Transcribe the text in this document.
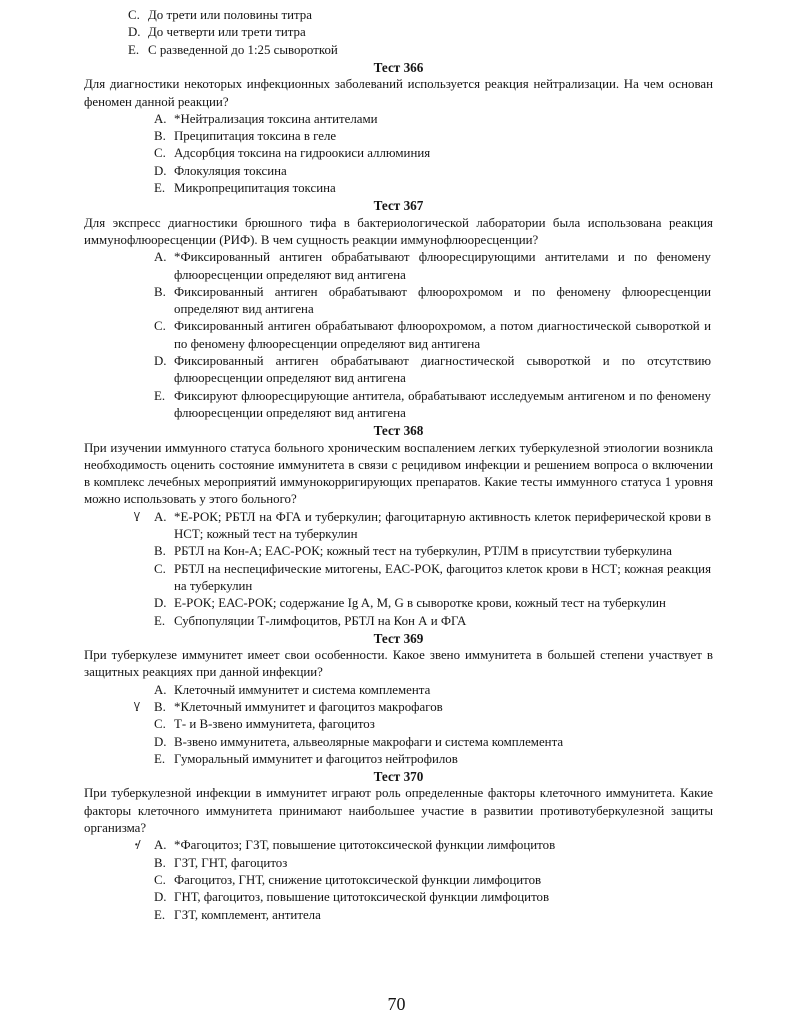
C. До трети или половины титра
D. До четверти или трети титра
E. С разведенной до 1:25 сывороткой
Тест 366
Для диагностики некоторых инфекционных заболеваний используется реакция нейтрализации. На чем основан феномен данной реакции?
A. *Нейтрализация токсина антителами
B. Преципитация токсина в геле
C. Адсорбция токсина на гидроокиси аллюминия
D. Флокуляция токсина
E. Микропреципитация токсина
Тест 367
Для экспресс диагностики брюшного тифа в бактериологической лаборатории была использована реакция иммунофлюоресценции (РИФ). В чем сущность реакции иммунофлюоресценции?
A. *Фиксированный антиген обрабатывают флюоресцирующими антителами и по феномену флюоресценции определяют вид антигена
B. Фиксированный антиген обрабатывают флюорохромом и по феномену флюоресценции определяют вид антигена
C. Фиксированный антиген обрабатывают флюорохромом, а потом диагностической сывороткой и по феномену флюоресценции определяют вид антигена
D. Фиксированный антиген обрабатывают диагностической сывороткой и по отсутствию флюоресценции определяют вид антигена
E. Фиксируют флюоресцирующие антитела, обрабатывают исследуемым антигеном и по феномену флюоресценции определяют вид антигена
Тест 368
При изучении иммунного статуса больного хроническим воспалением легких туберкулезной этиологии возникла необходимость оценить состояние иммунитета в связи с рецидивом инфекции и решением вопроса о включении в комплекс лечебных мероприятий иммунокорригирующих препаратов. Какие тесты иммунного статуса 1 уровня можно использовать у этого больного?
\/ A. *Е-РОК; РБТЛ на ФГА и туберкулин; фагоцитарную активность клеток периферической крови в НСТ; кожный тест на туберкулин
B. РБТЛ на Кон-А; ЕАС-РОК; кожный тест на туберкулин, РТЛМ в присутствии туберкулина
C. РБТЛ на неспецифические митогены, ЕАС-РОК, фагоцитоз клеток крови в НСТ; кожная реакция на туберкулин
D. Е-РОК; ЕАС-РОК; содержание Ig A, M, G в сыворотке крови, кожный тест на туберкулин
E. Субпопуляции Т-лимфоцитов, РБТЛ на Кон А и ФГА
Тест 369
При туберкулезе иммунитет имеет свои особенности. Какое звено иммунитета в большей степени участвует в защитных реакциях при данной инфекции?
A. Клеточный иммунитет и система комплемента
\/ B. *Клеточный иммунитет и фагоцитоз макрофагов
C. Т- и В-звено иммунитета, фагоцитоз
D. В-звено иммунитета, альвеолярные макрофаги и система комплемента
E. Гуморальный иммунитет и фагоцитоз нейтрофилов
Тест 370
При туберкулезной инфекции в иммунитет играют роль определенные факторы клеточного иммунитета. Какие факторы клеточного иммунитета принимают наибольшее участие в развитии противотуберкулезной защиты организма?
·/ A. *Фагоцитоз; ГЗТ, повышение цитотоксической функции лимфоцитов
B. ГЗТ, ГНТ, фагоцитоз
C. Фагоцитоз, ГНТ, снижение цитотоксической функции лимфоцитов
D. ГНТ, фагоцитоз, повышение цитотоксической функции лимфоцитов
E. ГЗТ, комплемент, антитела
70
